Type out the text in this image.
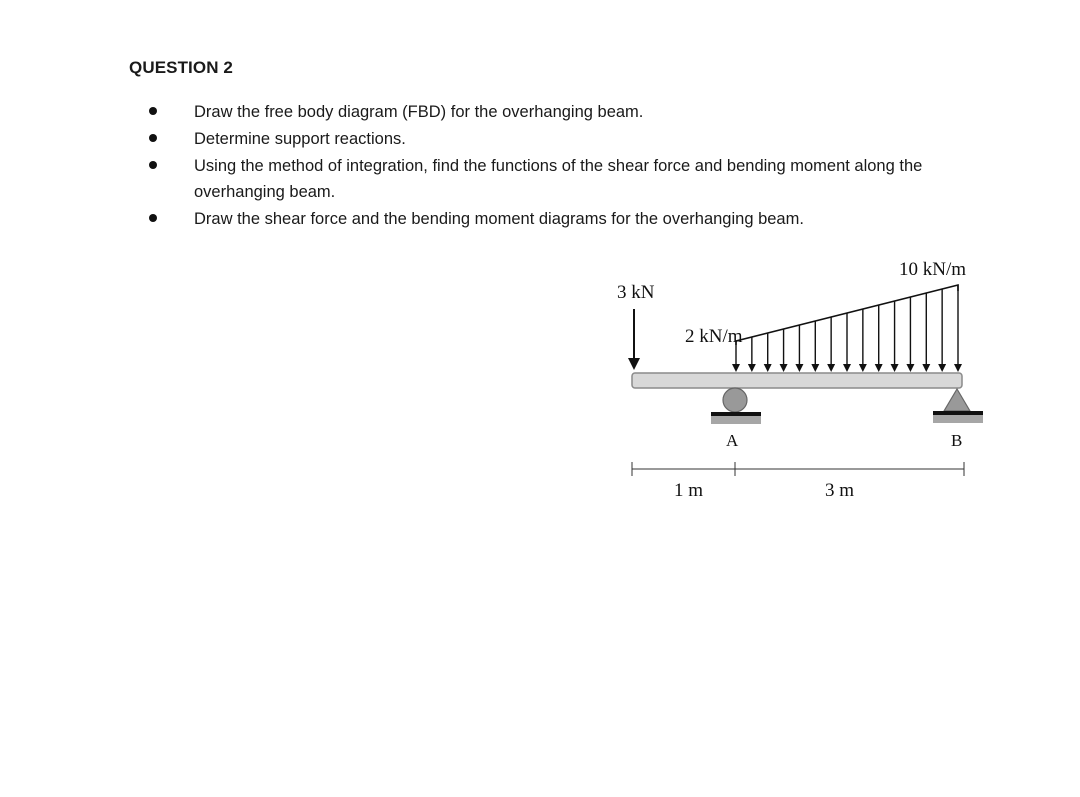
QUESTION 2
Draw the free body diagram (FBD) for the overhanging beam.
Determine support reactions.
Using the method of integration, find the functions of the shear force and bending moment along the overhanging beam.
Draw the shear force and the bending moment diagrams for the overhanging beam.
3 kN
2 kN/m
10 kN/m
A	B
1 m	3 m
